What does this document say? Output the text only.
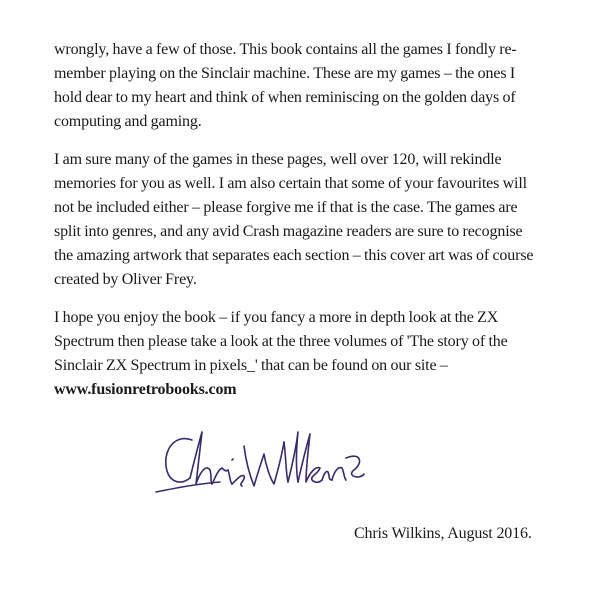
wrongly, have a few of those. This book contains all the games I fondly re-
member playing on the Sinclair machine. These are my games – the ones I
hold dear to my heart and think of when reminiscing on the golden days of
computing and gaming.

I am sure many of the games in these pages, well over 120, will rekindle
memories for you as well. I am also certain that some of your favourites will
not be included either – please forgive me if that is the case. The games are
split into genres, and any avid Crash magazine readers are sure to recognise
the amazing artwork that separates each section – this cover art was of course
created by Oliver Frey.

I hope you enjoy the book – if you fancy a more in depth look at the ZX
Spectrum then please take a look at the three volumes of 'The story of the
Sinclair ZX Spectrum in pixels_' that can be found on our site –
www.fusionretrobooks.com

Chris Wilkins, August 2016.
